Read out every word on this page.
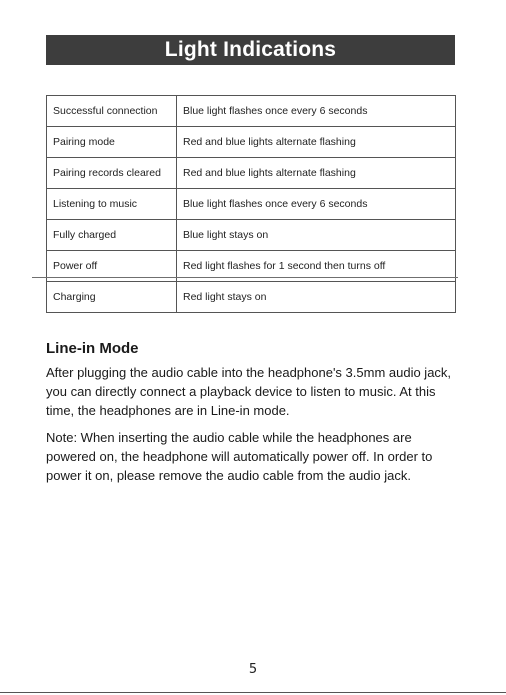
Light Indications
Successful connection	Blue light flashes once every 6 seconds
Pairing mode	Red and blue lights alternate flashing
Pairing records cleared	Red and blue lights alternate flashing
Listening to music	Blue light flashes once every 6 seconds
Fully charged	Blue light stays on
Power off	Red light flashes for 1 second then turns off
Charging	Red light stays on
Line-in Mode
After plugging the audio cable into the headphone's 3.5mm audio jack, you can directly connect a playback device to listen to music. At this time, the headphones are in Line-in mode.
Note: When inserting the audio cable while the headphones are powered on, the headphone will automatically power off. In order to power it on, please remove the audio cable from the audio jack.
5
